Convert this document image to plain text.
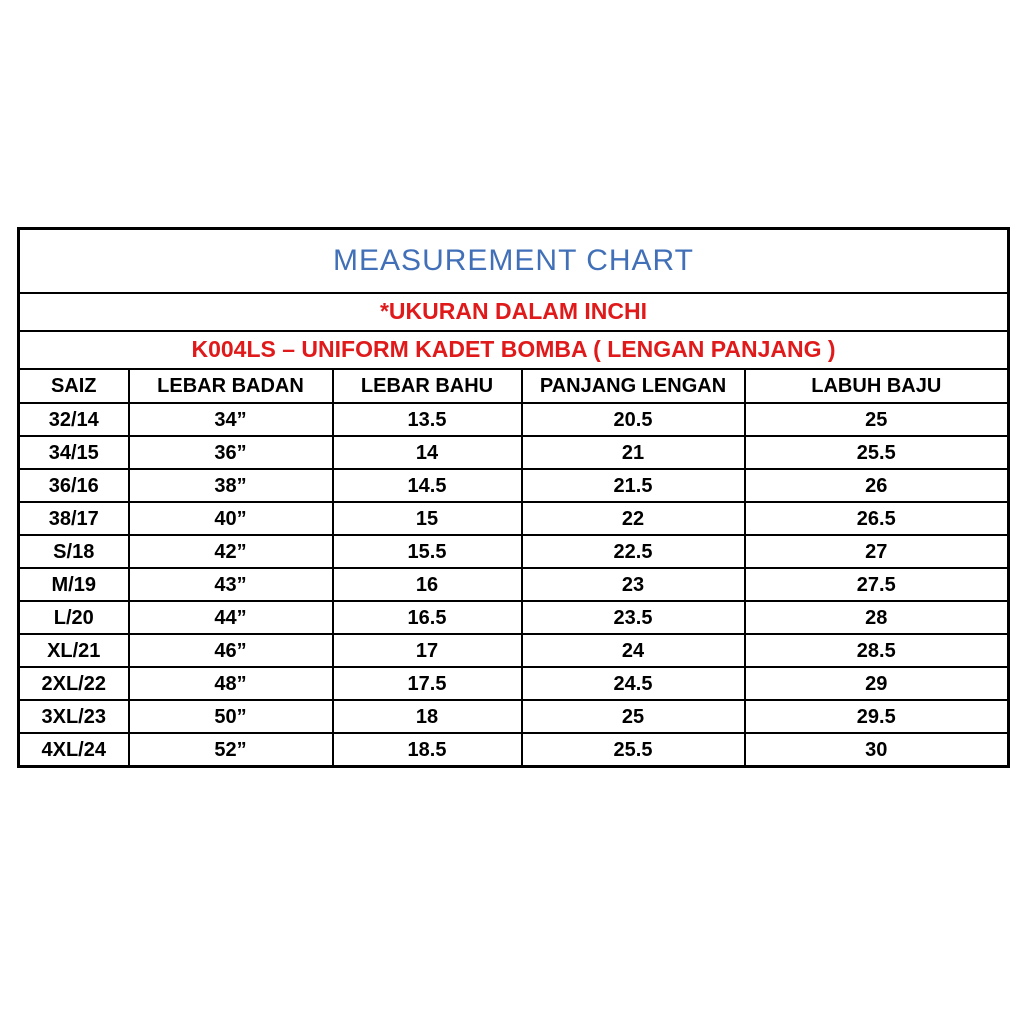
MEASUREMENT CHART				
*UKURAN DALAM INCHI				
K004LS – UNIFORM KADET BOMBA ( LENGAN PANJANG )				
SAIZ	LEBAR BADAN	LEBAR BAHU	PANJANG LENGAN	LABUH BAJU
32/14	34”	13.5	20.5	25
34/15	36”	14	21	25.5
36/16	38”	14.5	21.5	26
38/17	40”	15	22	26.5
S/18	42”	15.5	22.5	27
M/19	43”	16	23	27.5
L/20	44”	16.5	23.5	28
XL/21	46”	17	24	28.5
2XL/22	48”	17.5	24.5	29
3XL/23	50”	18	25	29.5
4XL/24	52”	18.5	25.5	30
